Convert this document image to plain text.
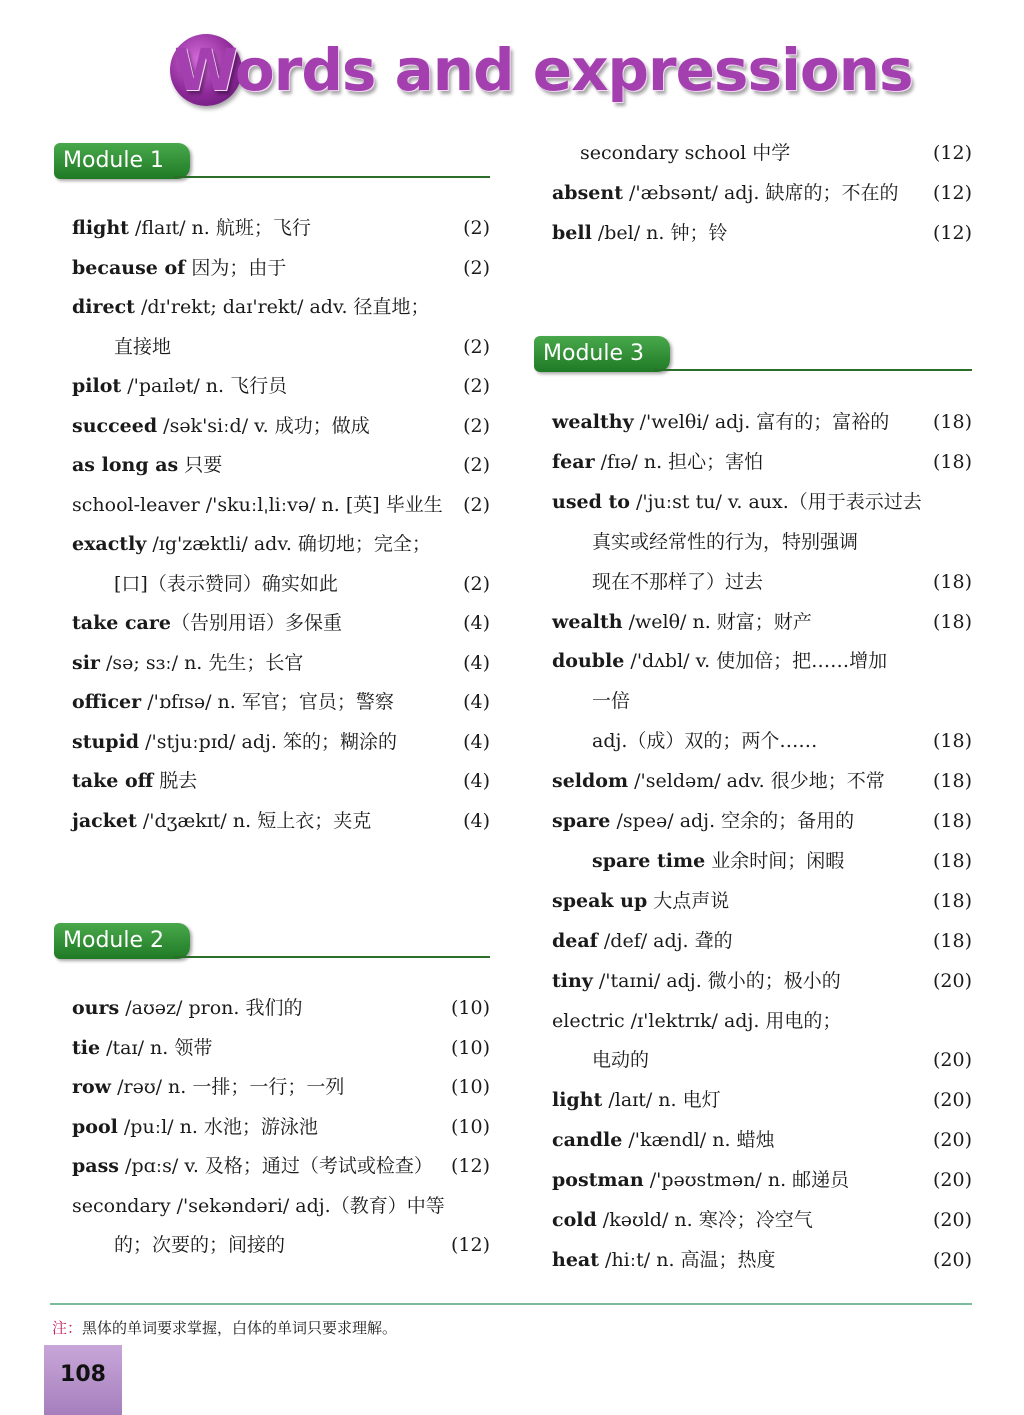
Words and expressions
Module 1
flight /flaɪt/ n. 航班；飞行	(2)
because of 因为；由于	(2)
direct /dɪ'rekt; daɪ'rekt/ adv. 径直地；
直接地	(2)
pilot /'paɪlət/ n. 飞行员	(2)
succeed /sək'siːd/ v. 成功；做成	(2)
as long as 只要	(2)
school-leaver /'skuːlˌliːvə/ n. [英] 毕业生	(2)
exactly /ɪg'zæktli/ adv. 确切地；完全；
[口]（表示赞同）确实如此	(2)
take care（告别用语）多保重	(4)
sir /sə; sɜː/ n. 先生；长官	(4)
officer /'ɒfɪsə/ n. 军官；官员；警察	(4)
stupid /'stjuːpɪd/ adj. 笨的；糊涂的	(4)
take off 脱去	(4)
jacket /'dʒækɪt/ n. 短上衣；夹克	(4)
Module 2
ours /aʊəz/ pron. 我们的	(10)
tie /taɪ/ n. 领带	(10)
row /rəʊ/ n. 一排；一行；一列	(10)
pool /puːl/ n. 水池；游泳池	(10)
pass /pɑːs/ v. 及格；通过（考试或检查） (12)
secondary /'sekəndəri/ adj.（教育）中等
的；次要的；间接的	(12)
secondary school 中学	(12)
absent /'æbsənt/ adj. 缺席的；不在的	(12)
bell /bel/ n. 钟；铃	(12)
Module 3
wealthy /'welθi/ adj. 富有的；富裕的	(18)
fear /fɪə/ n. 担心；害怕	(18)
used to /'juːst tu/ v. aux.（用于表示过去
真实或经常性的行为，特别强调
现在不那样了）过去	(18)
wealth /welθ/ n. 财富；财产	(18)
double /'dʌbl/ v. 使加倍；把……增加
一倍
adj.（成）双的；两个……	(18)
seldom /'seldəm/ adv. 很少地；不常	(18)
spare /speə/ adj. 空余的；备用的	(18)
spare time 业余时间；闲暇	(18)
speak up 大点声说	(18)
deaf /def/ adj. 聋的	(18)
tiny /'taɪni/ adj. 微小的；极小的	(20)
electric /ɪ'lektrɪk/ adj. 用电的；
电动的	(20)
light /laɪt/ n. 电灯	(20)
candle /'kændl/ n. 蜡烛	(20)
postman /'pəʊstmən/ n. 邮递员	(20)
cold /kəʊld/ n. 寒冷；冷空气	(20)
heat /hiːt/ n. 高温；热度	(20)
注：黑体的单词要求掌握，白体的单词只要求理解。
108
